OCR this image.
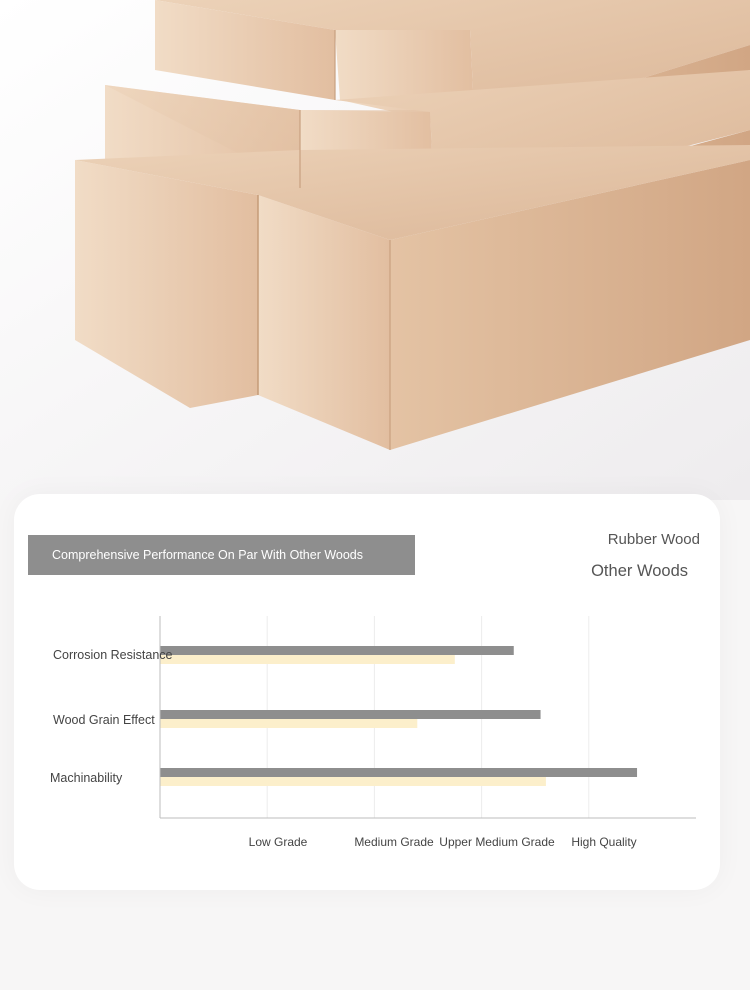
Comprehensive Performance On Par With Other Woods
Rubber Wood
Other Woods
Corrosion Resistance
Wood Grain Effect
Machinability
Low Grade	Medium Grade Upper Medium Grade High Quality
